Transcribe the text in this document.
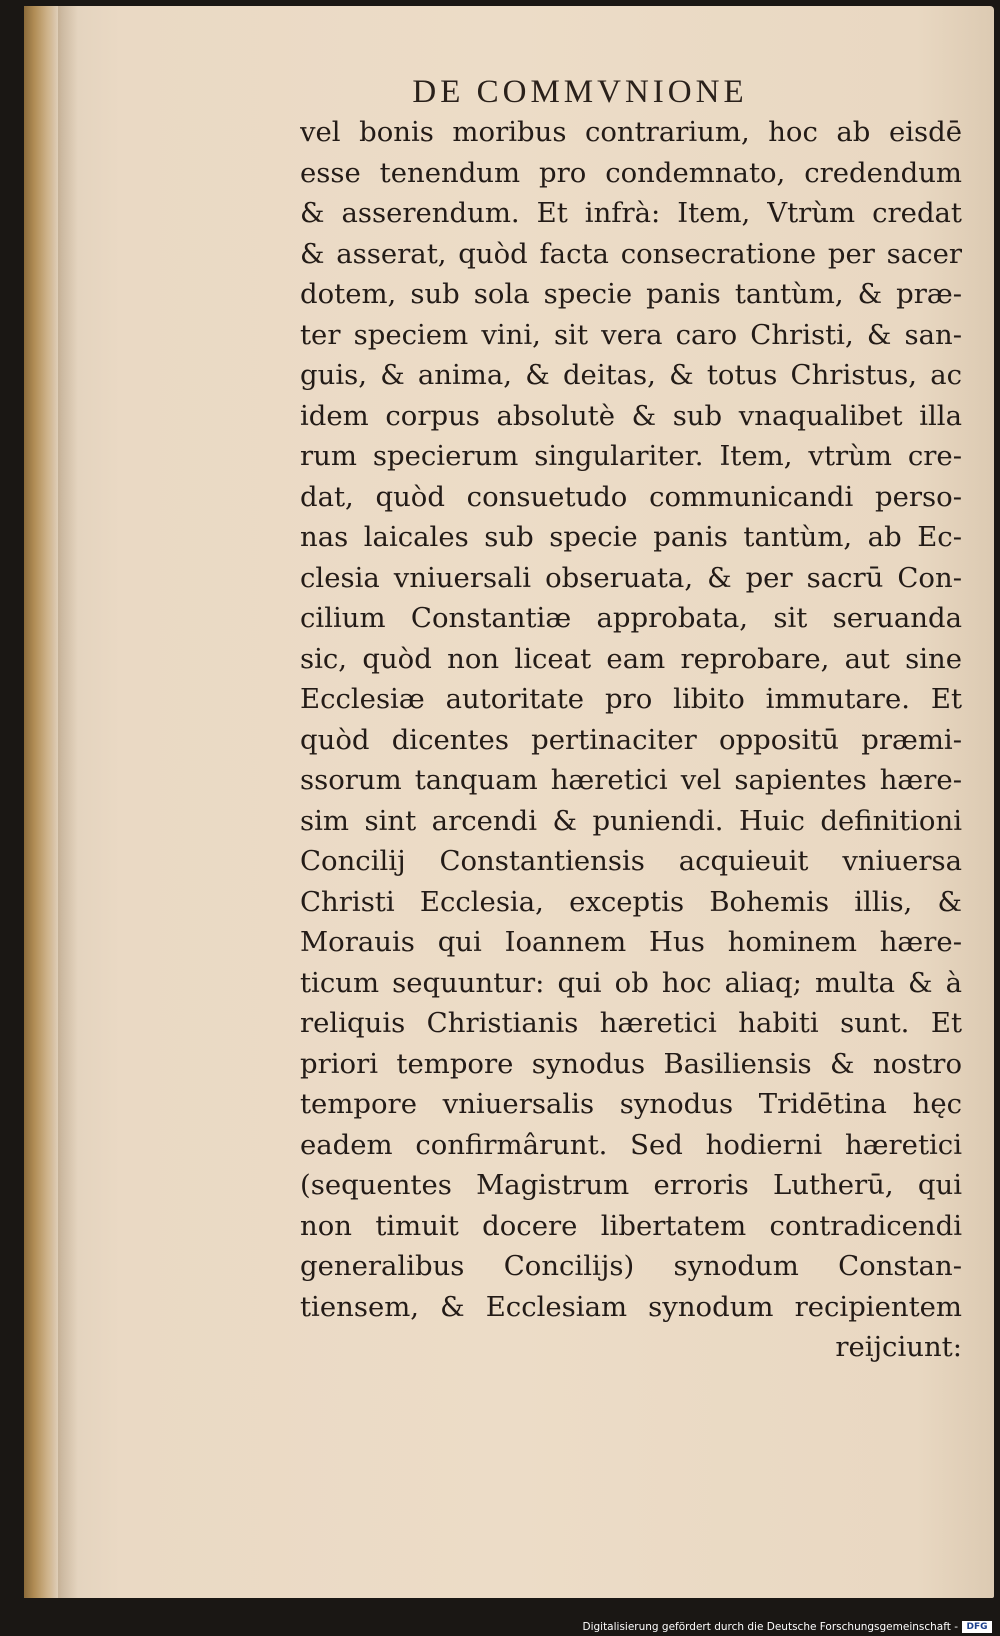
DE COMMVNIONE
vel bonis moribus contrarium, hoc ab eisdē
esse tenendum pro condemnato, credendum
& asserendum. Et infrà: Item, Vtrùm credat
& asserat, quòd facta consecratione per sacer
dotem, sub sola specie panis tantùm, & præ-
ter speciem vini, sit vera caro Christi, & san-
guis, & anima, & deitas, & totus Christus, ac
idem corpus absolutè & sub vnaqualibet illa
rum specierum singulariter. Item, vtrùm cre-
dat, quòd consuetudo communicandi perso-
nas laicales sub specie panis tantùm, ab Ec-
clesia vniuersali obseruata, & per sacrū Con-
cilium Constantiæ approbata, sit seruanda
sic, quòd non liceat eam reprobare, aut sine
Ecclesiæ autoritate pro libito immutare. Et
quòd dicentes pertinaciter oppositū præmi-
ssorum tanquam hæretici vel sapientes hære-
sim sint arcendi & puniendi. Huic definitioni
Concilij Constantiensis acquieuit vniuersa
Christi Ecclesia, exceptis Bohemis illis, &
Morauis qui Ioannem Hus hominem hære-
ticum sequuntur: qui ob hoc aliaq; multa & à
reliquis Christianis hæretici habiti sunt. Et
priori tempore synodus Basiliensis & nostro
tempore vniuersalis synodus Tridētina hęc
eadem confirmârunt. Sed hodierni hæretici
(sequentes Magistrum erroris Lutherū, qui
non timuit docere libertatem contradicendi
generalibus Concilijs) synodum Constan-
tiensem, & Ecclesiam synodum recipientem
reijciunt:
Digitalisierung gefördert durch die Deutsche Forschungsgemeinschaft - DFG
